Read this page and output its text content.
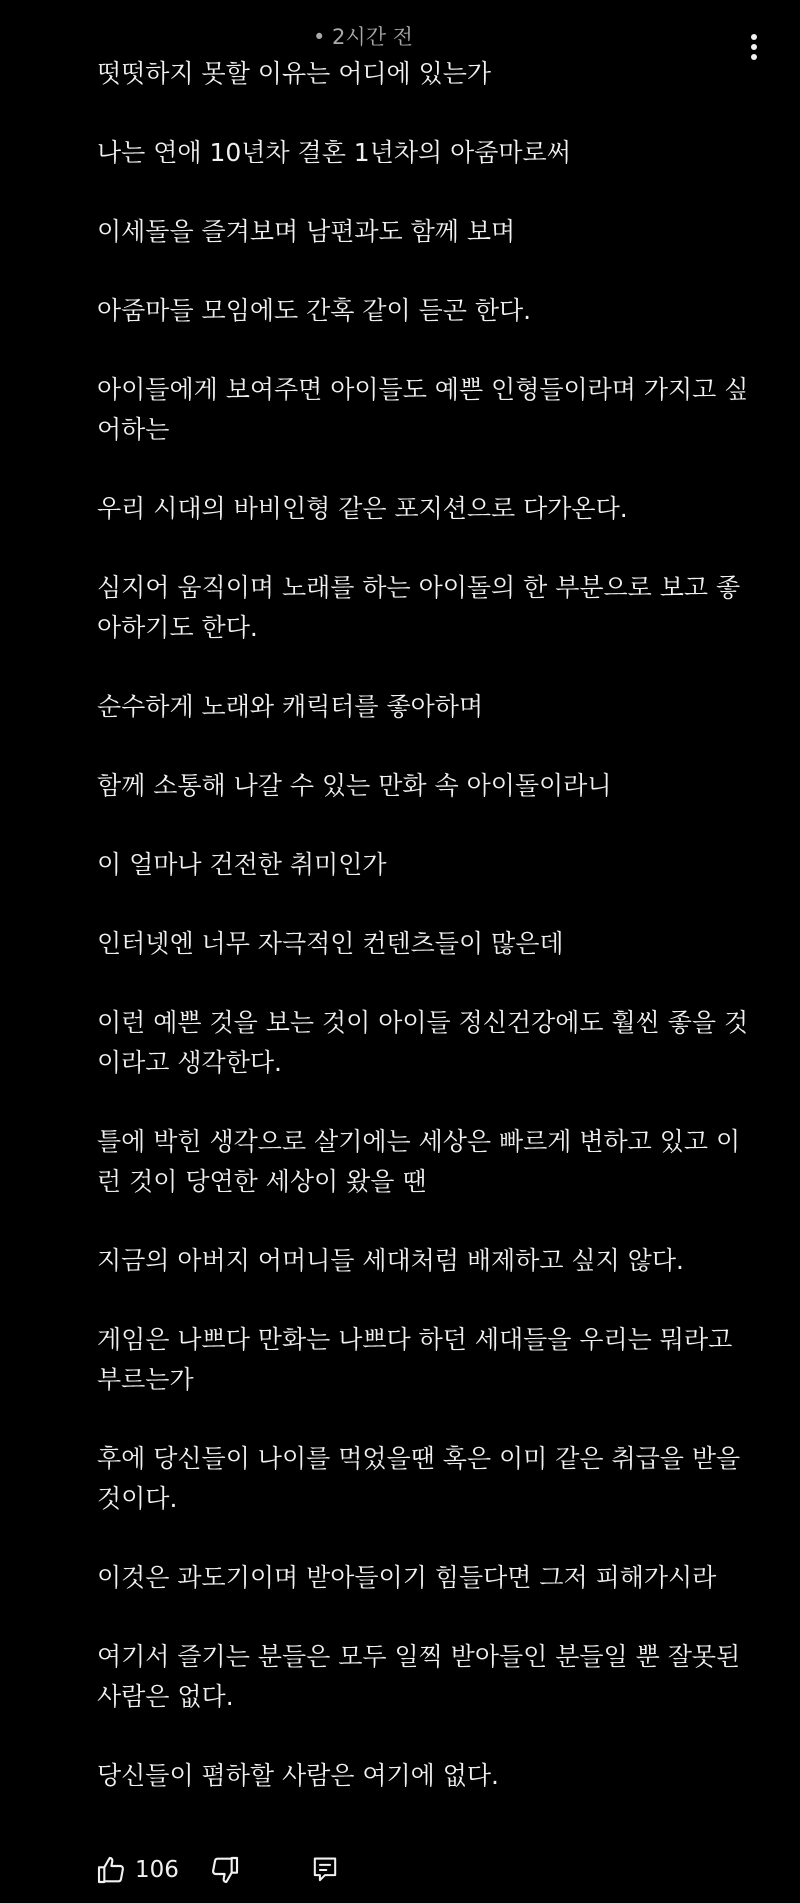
• 2시간 전

떳떳하지 못할 이유는 어디에 있는가

나는 연애 10년차 결혼 1년차의 아줌마로써

이세돌을 즐겨보며 남편과도 함께 보며

아줌마들 모임에도 간혹 같이 듣곤 한다.

아이들에게 보여주면 아이들도 예쁜 인형들이라며 가지고 싶어하는

우리 시대의 바비인형 같은 포지션으로 다가온다.

심지어 움직이며 노래를 하는 아이돌의 한 부분으로 보고 좋아하기도 한다.

순수하게 노래와 캐릭터를 좋아하며

함께 소통해 나갈 수 있는 만화 속 아이돌이라니

이 얼마나 건전한 취미인가

인터넷엔 너무 자극적인 컨텐츠들이 많은데

이런 예쁜 것을 보는 것이 아이들 정신건강에도 훨씬 좋을 것이라고 생각한다.

틀에 박힌 생각으로 살기에는 세상은 빠르게 변하고 있고 이런 것이 당연한 세상이 왔을 땐

지금의 아버지 어머니들 세대처럼 배제하고 싶지 않다.

게임은 나쁘다 만화는 나쁘다 하던 세대들을 우리는 뭐라고 부르는가

후에 당신들이 나이를 먹었을땐 혹은 이미 같은 취급을 받을것이다.

이것은 과도기이며 받아들이기 힘들다면 그저 피해가시라

여기서 즐기는 분들은 모두 일찍 받아들인 분들일 뿐 잘못된 사람은 없다.

당신들이 폄하할 사람은 여기에 없다.

106
